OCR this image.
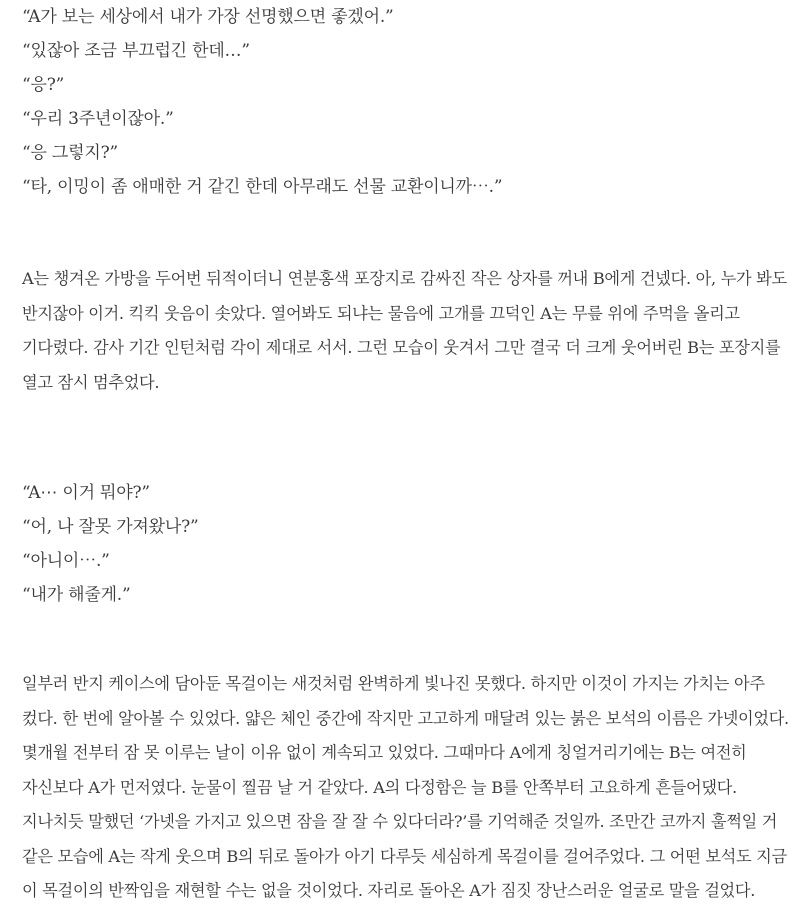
“A가 보는 세상에서 내가 가장 선명했으면 좋겠어.”

“있잖아 조금 부끄럽긴 한데…”

“응?”

“우리 3주년이잖아.”

“응 그렇지?”

“타, 이밍이 좀 애매한 거 같긴 한데 아무래도 선물 교환이니까⋯.”

A는 챙겨온 가방을 두어번 뒤적이더니 연분홍색 포장지로 감싸진 작은 상자를 꺼내 B에게 건넸다. 아, 누가 봐도 반지잖아 이거. 킥킥 웃음이 솟았다. 열어봐도 되냐는 물음에 고개를 끄덕인 A는 무릎 위에 주먹을 올리고 기다렸다. 감사 기간 인턴처럼 각이 제대로 서서. 그런 모습이 웃겨서 그만 결국 더 크게 웃어버린 B는 포장지를 열고 잠시 멈추었다.

“A⋯ 이거 뭐야?”

“어, 나 잘못 가져왔나?”

“아니이⋯.”

“내가 해줄게.”

일부러 반지 케이스에 담아둔 목걸이는 새것처럼 완벽하게 빛나진 못했다. 하지만 이것이 가지는 가치는 아주 컸다. 한 번에 알아볼 수 있었다. 얇은 체인 중간에 작지만 고고하게 매달려 있는 붉은 보석의 이름은 가넷이었다. 몇개월 전부터 잠 못 이루는 날이 이유 없이 계속되고 있었다. 그때마다 A에게 칭얼거리기에는 B는 여전히 자신보다 A가 먼저였다. 눈물이 찔끔 날 거 같았다. A의 다정함은 늘 B를 안쪽부터 고요하게 흔들어댔다. 지나치듯 말했던 ‘가넷을 가지고 있으면 잠을 잘 잘 수 있다더라?’를 기억해준 것일까. 조만간 코까지 훌쩍일 거 같은 모습에 A는 작게 웃으며 B의 뒤로 돌아가 아기 다루듯 세심하게 목걸이를 걸어주었다. 그 어떤 보석도 지금 이 목걸이의 반짝임을 재현할 수는 없을 것이었다. 자리로 돌아온 A가 짐짓 장난스러운 얼굴로 말을 걸었다.
